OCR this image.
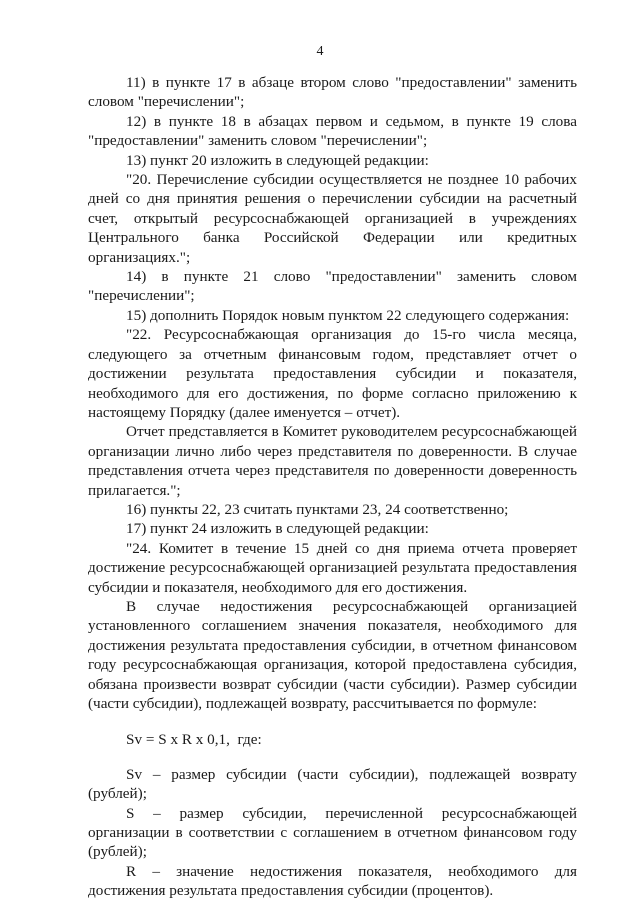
4

11) в пункте 17 в абзаце втором слово "предоставлении" заменить словом "перечислении";

12) в пункте 18 в абзацах первом и седьмом, в пункте 19 слова "предоставлении" заменить словом "перечислении";

13) пункт 20 изложить в следующей редакции:

"20. Перечисление субсидии осуществляется не позднее 10 рабочих дней со дня принятия решения о перечислении субсидии на расчетный счет, открытый ресурсоснабжающей организацией в учреждениях Центрального банка Российской Федерации или кредитных организациях.";

14) в пункте 21 слово "предоставлении" заменить словом "перечислении";

15) дополнить Порядок новым пунктом 22 следующего содержания:

"22. Ресурсоснабжающая организация до 15-го числа месяца, следующего за отчетным финансовым годом, представляет отчет о достижении результата предоставления субсидии и показателя, необходимого для его достижения, по форме согласно приложению к настоящему Порядку (далее именуется – отчет).

Отчет представляется в Комитет руководителем ресурсоснабжающей организации лично либо через представителя по доверенности. В случае представления отчета через представителя по доверенности доверенность прилагается.";

16) пункты 22, 23 считать пунктами 23, 24 соответственно;

17) пункт 24 изложить в следующей редакции:

"24. Комитет в течение 15 дней со дня приема отчета проверяет достижение ресурсоснабжающей организацией результата предоставления субсидии и показателя, необходимого для его достижения.

В случае недостижения ресурсоснабжающей организацией установленного соглашением значения показателя, необходимого для достижения результата предоставления субсидии, в отчетном финансовом году ресурсоснабжающая организация, которой предоставлена субсидия, обязана произвести возврат субсидии (части субсидии). Размер субсидии (части субсидии), подлежащей возврату, рассчитывается по формуле:

Sv = S x R x 0,1,  где:

Sv – размер субсидии (части субсидии), подлежащей возврату (рублей);

S – размер субсидии, перечисленной ресурсоснабжающей организации в соответствии с соглашением в отчетном финансовом году (рублей);

R – значение недостижения показателя, необходимого для достижения результата предоставления субсидии (процентов).
